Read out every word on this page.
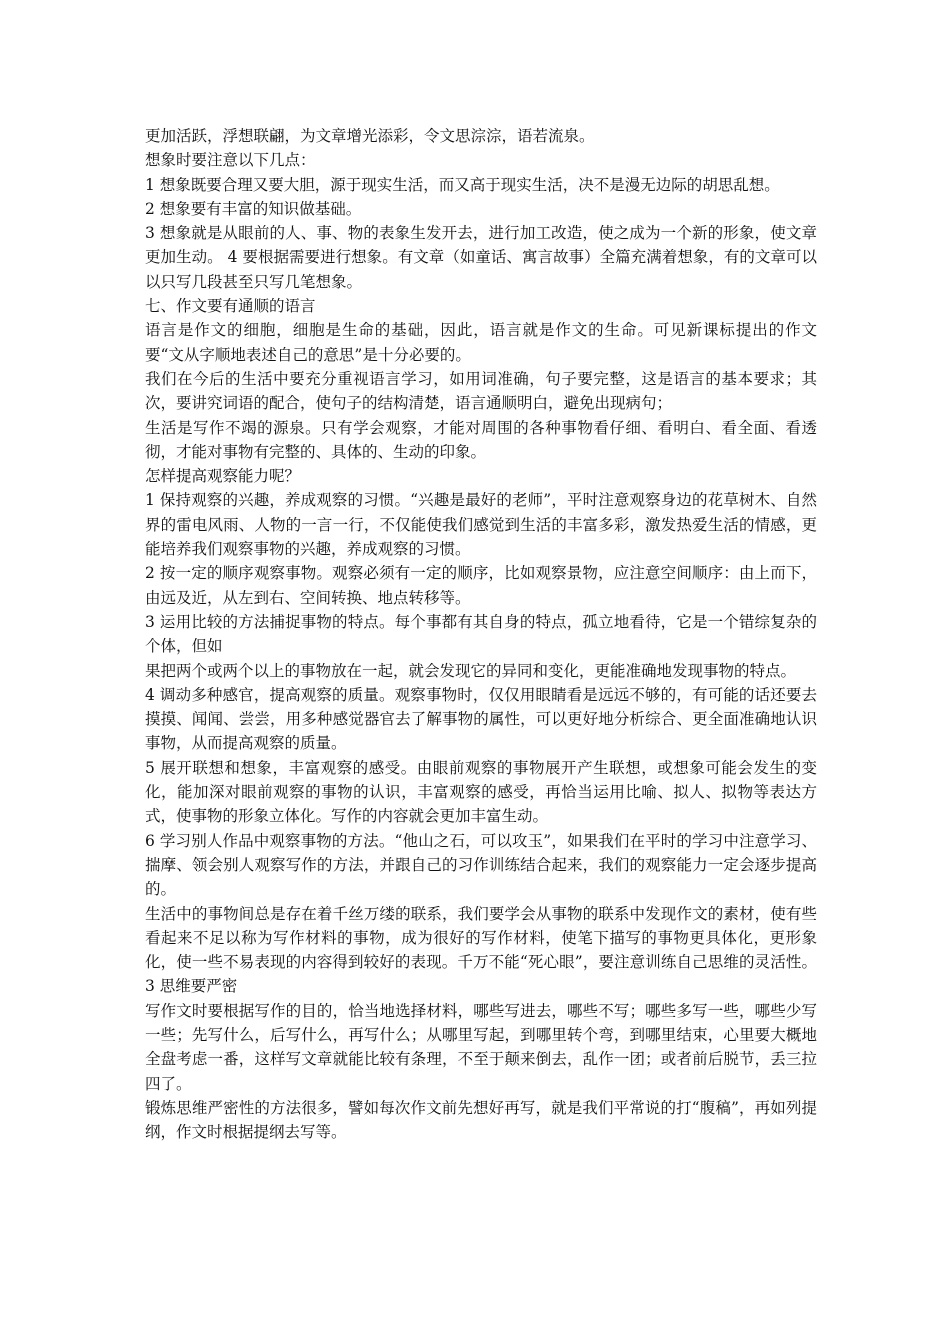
更加活跃，浮想联翩，为文章增光添彩，令文思淙淙，语若流泉。

想象时要注意以下几点：

1 想象既要合理又要大胆，源于现实生活，而又高于现实生活，决不是漫无边际的胡思乱想。

2 想象要有丰富的知识做基础。

3 想象就是从眼前的人、事、物的表象生发开去，进行加工改造，使之成为一个新的形象，使文章更加生动。 4 要根据需要进行想象。有文章（如童话、寓言故事）全篇充满着想象，有的文章可以以只写几段甚至只写几笔想象。

七、作文要有通顺的语言

语言是作文的细胞，细胞是生命的基础，因此，语言就是作文的生命。可见新课标提出的作文要“文从字顺地表述自己的意思”是十分必要的。

我们在今后的生活中要充分重视语言学习，如用词准确，句子要完整，这是语言的基本要求；其次，要讲究词语的配合，使句子的结构清楚，语言通顺明白，避免出现病句；

生活是写作不竭的源泉。只有学会观察，才能对周围的各种事物看仔细、看明白、看全面、看透彻，才能对事物有完整的、具体的、生动的印象。

怎样提高观察能力呢？

1 保持观察的兴趣，养成观察的习惯。“兴趣是最好的老师”，平时注意观察身边的花草树木、自然界的雷电风雨、人物的一言一行，不仅能使我们感觉到生活的丰富多彩，激发热爱生活的情感，更能培养我们观察事物的兴趣，养成观察的习惯。

2 按一定的顺序观察事物。观察必须有一定的顺序，比如观察景物，应注意空间顺序：由上而下，由远及近，从左到右、空间转换、地点转移等。

3 运用比较的方法捕捉事物的特点。每个事都有其自身的特点，孤立地看待，它是一个错综复杂的个体，但如

果把两个或两个以上的事物放在一起，就会发现它的异同和变化，更能准确地发现事物的特点。

4 调动多种感官，提高观察的质量。观察事物时，仅仅用眼睛看是远远不够的，有可能的话还要去摸摸、闻闻、尝尝，用多种感觉器官去了解事物的属性，可以更好地分析综合、更全面准确地认识事物，从而提高观察的质量。

5 展开联想和想象，丰富观察的感受。由眼前观察的事物展开产生联想，或想象可能会发生的变化，能加深对眼前观察的事物的认识，丰富观察的感受，再恰当运用比喻、拟人、拟物等表达方式，使事物的形象立体化。写作的内容就会更加丰富生动。

6 学习别人作品中观察事物的方法。“他山之石，可以攻玉”，如果我们在平时的学习中注意学习、揣摩、领会别人观察写作的方法，并跟自己的习作训练结合起来，我们的观察能力一定会逐步提高的。

生活中的事物间总是存在着千丝万缕的联系，我们要学会从事物的联系中发现作文的素材，使有些看起来不足以称为写作材料的事物，成为很好的写作材料，使笔下描写的事物更具体化，更形象化，使一些不易表现的内容得到较好的表现。千万不能“死心眼”，要注意训练自己思维的灵活性。 3 思维要严密

写作文时要根据写作的目的，恰当地选择材料，哪些写进去，哪些不写；哪些多写一些，哪些少写一些；先写什么，后写什么，再写什么；从哪里写起，到哪里转个弯，到哪里结束，心里要大概地全盘考虑一番，这样写文章就能比较有条理，不至于颠来倒去，乱作一团；或者前后脱节，丢三拉四了。

锻炼思维严密性的方法很多，譬如每次作文前先想好再写，就是我们平常说的打“腹稿”，再如列提纲，作文时根据提纲去写等。
